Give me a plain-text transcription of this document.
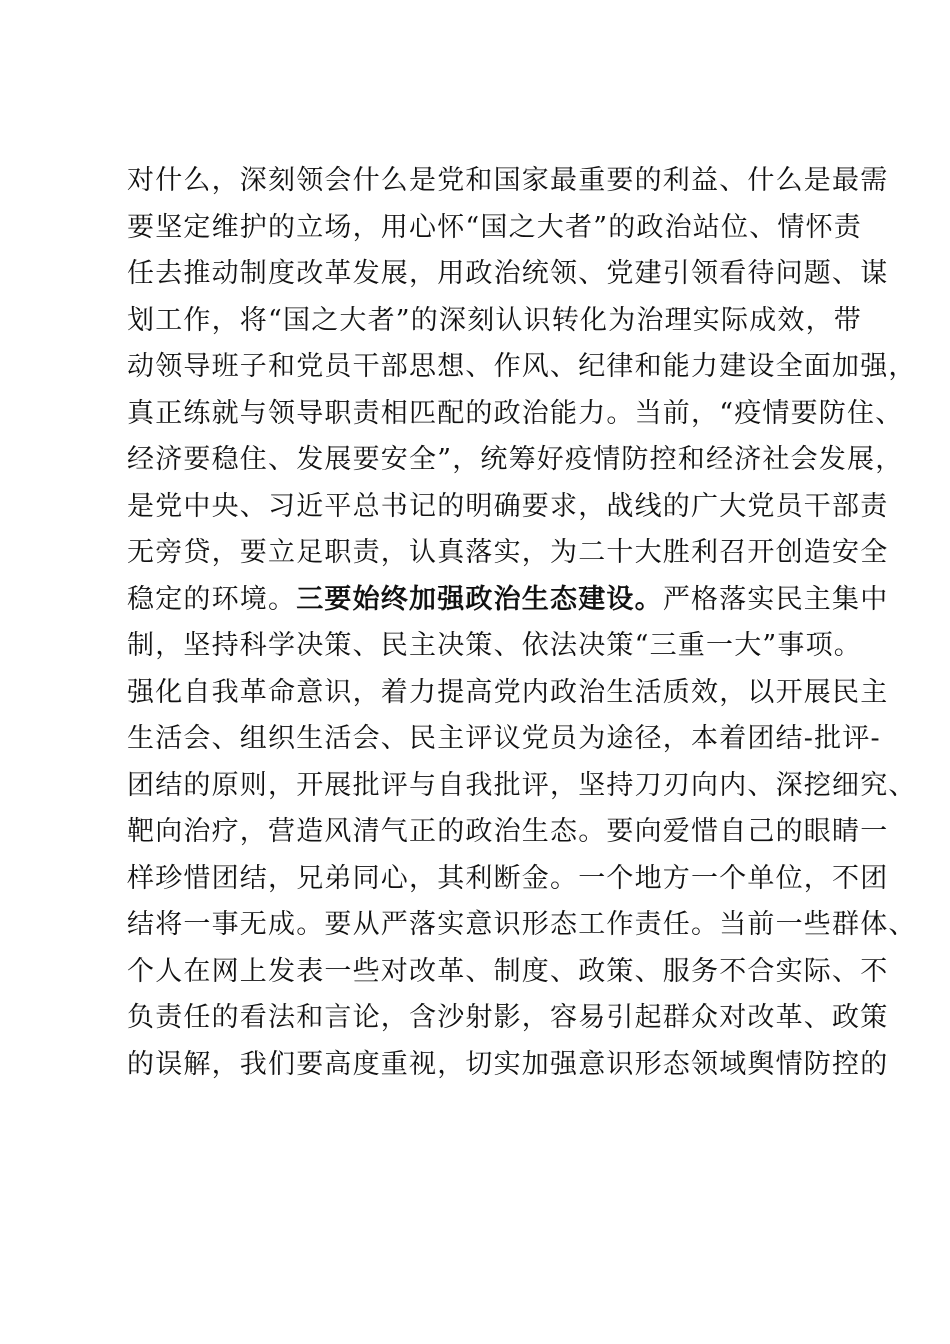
对什么，深刻领会什么是党和国家最重要的利益、什么是最需
要坚定维护的立场，用心怀“国之大者”的政治站位、情怀责
任去推动制度改革发展，用政治统领、党建引领看待问题、谋
划工作，将“国之大者”的深刻认识转化为治理实际成效，带
动领导班子和党员干部思想、作风、纪律和能力建设全面加强，
真正练就与领导职责相匹配的政治能力。当前，“疫情要防住、
经济要稳住、发展要安全”，统筹好疫情防控和经济社会发展，
是党中央、习近平总书记的明确要求，战线的广大党员干部责
无旁贷，要立足职责，认真落实，为二十大胜利召开创造安全
稳定的环境。三要始终加强政治生态建设。严格落实民主集中
制，坚持科学决策、民主决策、依法决策“三重一大”事项。
强化自我革命意识，着力提高党内政治生活质效，以开展民主
生活会、组织生活会、民主评议党员为途径，本着团结-批评-
团结的原则，开展批评与自我批评，坚持刀刃向内、深挖细究、
靶向治疗，营造风清气正的政治生态。要向爱惜自己的眼睛一
样珍惜团结，兄弟同心，其利断金。一个地方一个单位，不团
结将一事无成。要从严落实意识形态工作责任。当前一些群体、
个人在网上发表一些对改革、制度、政策、服务不合实际、不
负责任的看法和言论，含沙射影，容易引起群众对改革、政策
的误解，我们要高度重视，切实加强意识形态领域舆情防控的
